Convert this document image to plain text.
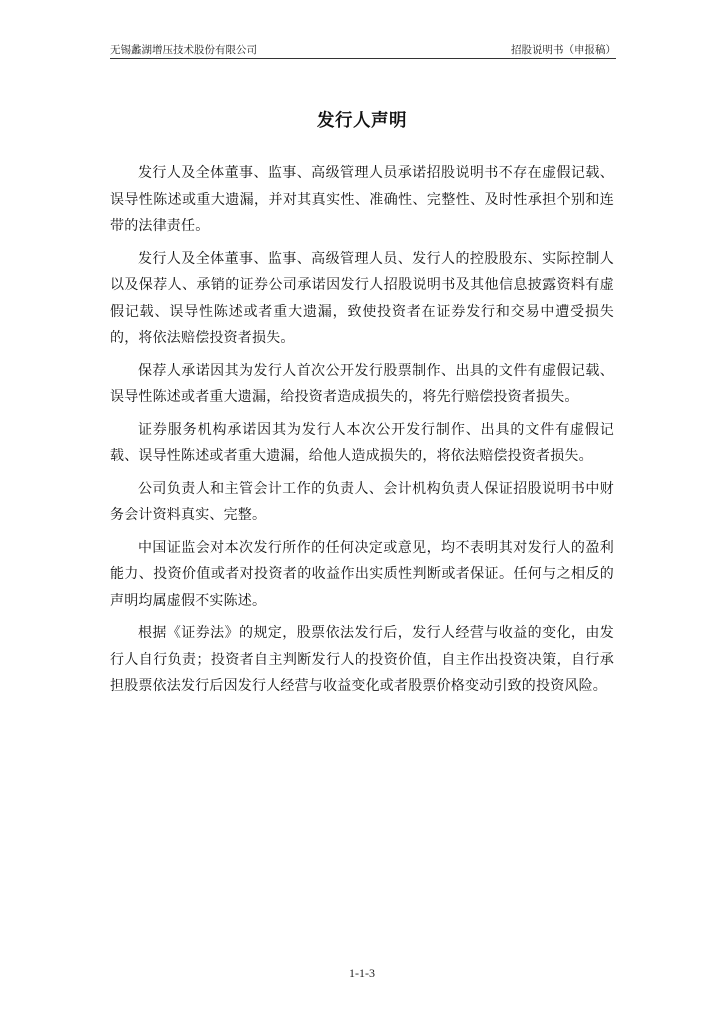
无锡蠡湖增压技术股份有限公司	招股说明书（申报稿）
发行人声明

发行人及全体董事、监事、高级管理人员承诺招股说明书不存在虚假记载、误导性陈述或重大遗漏，并对其真实性、准确性、完整性、及时性承担个别和连带的法律责任。

发行人及全体董事、监事、高级管理人员、发行人的控股股东、实际控制人以及保荐人、承销的证券公司承诺因发行人招股说明书及其他信息披露资料有虚假记载、误导性陈述或者重大遗漏，致使投资者在证券发行和交易中遭受损失的，将依法赔偿投资者损失。

保荐人承诺因其为发行人首次公开发行股票制作、出具的文件有虚假记载、误导性陈述或者重大遗漏，给投资者造成损失的，将先行赔偿投资者损失。

证券服务机构承诺因其为发行人本次公开发行制作、出具的文件有虚假记载、误导性陈述或者重大遗漏，给他人造成损失的，将依法赔偿投资者损失。

公司负责人和主管会计工作的负责人、会计机构负责人保证招股说明书中财务会计资料真实、完整。

中国证监会对本次发行所作的任何决定或意见，均不表明其对发行人的盈利能力、投资价值或者对投资者的收益作出实质性判断或者保证。任何与之相反的声明均属虚假不实陈述。

根据《证券法》的规定，股票依法发行后，发行人经营与收益的变化，由发行人自行负责；投资者自主判断发行人的投资价值，自主作出投资决策，自行承担股票依法发行后因发行人经营与收益变化或者股票价格变动引致的投资风险。

1-1-3
